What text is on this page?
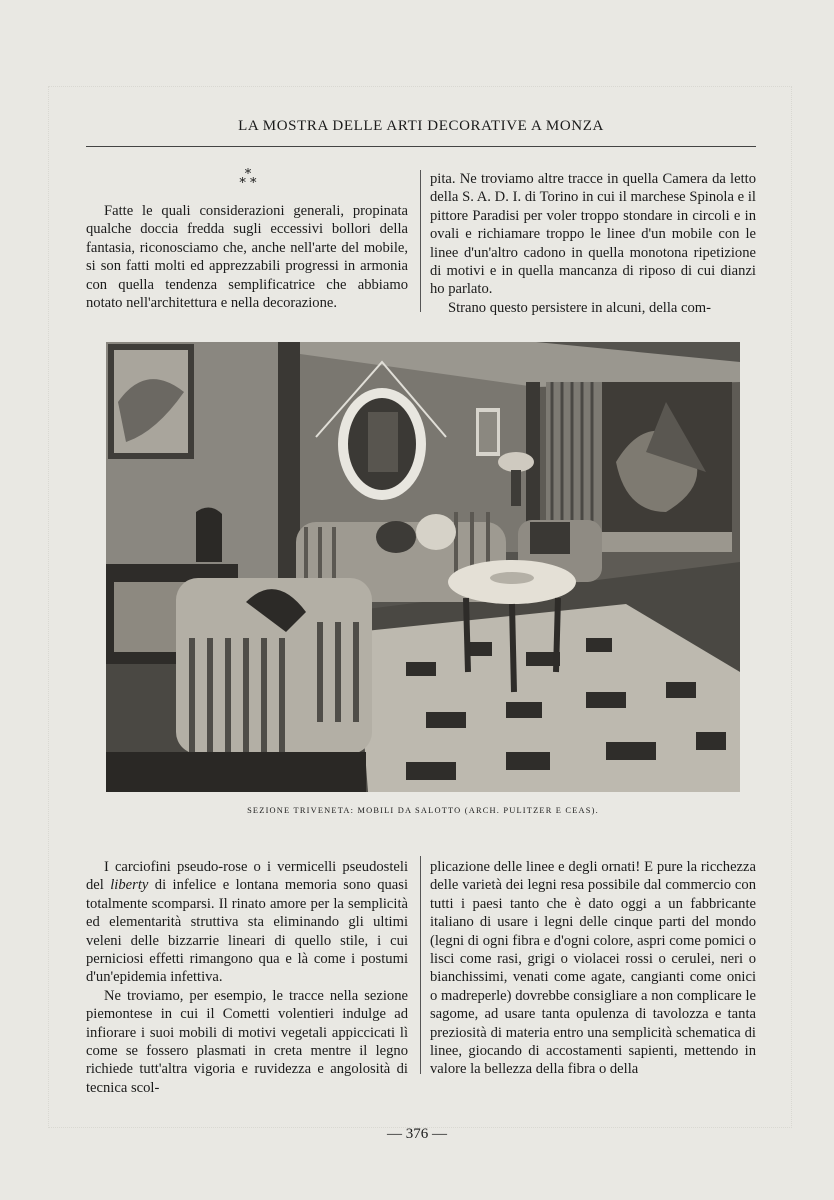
LA MOSTRA DELLE ARTI DECORATIVE A MONZA
*
* *

Fatte le quali considerazioni generali, propinata qualche doccia fredda sugli eccessivi bollori della fantasia, riconosciamo che, anche nell'arte del mobile, si son fatti molti ed apprezzabili progressi in armonia con quella tendenza semplificatrice che abbiamo notato nell'architettura e nella decorazione.

pita. Ne troviamo altre tracce in quella Camera da letto della S. A. D. I. di Torino in cui il marchese Spinola e il pittore Paradisi per voler troppo stondare in circoli e in ovali e richiamare troppo le linee d'un mobile con le linee d'un'altro cadono in quella monotona ripetizione di motivi e in quella mancanza di riposo di cui dianzi ho parlato.

Strano questo persistere in alcuni, della com-

SEZIONE TRIVENETA: MOBILI DA SALOTTO (ARCH. PULITZER E CEAS).

I carciofini pseudo-rose o i vermicelli pseudosteli del liberty di infelice e lontana memoria sono quasi totalmente scomparsi. Il rinato amore per la semplicità ed elementarità struttiva sta eliminando gli ultimi veleni delle bizzarrie lineari di quello stile, i cui perniciosi effetti rimangono qua e là come i postumi d'un'epidemia infettiva.

Ne troviamo, per esempio, le tracce nella sezione piemontese in cui il Cometti volentieri indulge ad infiorare i suoi mobili di motivi vegetali appiccicati lì come se fossero plasmati in creta mentre il legno richiede tutt'altra vigoria e ruvidezza e angolosità di tecnica scol-

plicazione delle linee e degli ornati! E pure la ricchezza delle varietà dei legni resa possibile dal commercio con tutti i paesi tanto che è dato oggi a un fabbricante italiano di usare i legni delle cinque parti del mondo (legni di ogni fibra e d'ogni colore, aspri come pomici o lisci come rasi, grigi o violacei rossi o cerulei, neri o bianchissimi, venati come agate, cangianti come onici o madreperle) dovrebbe consigliare a non complicare le sagome, ad usare tanta opulenza di tavolozza e tanta preziosità di materia entro una semplicità schematica di linee, giocando di accostamenti sapienti, mettendo in valore la bellezza della fibra o della

— 376 —
